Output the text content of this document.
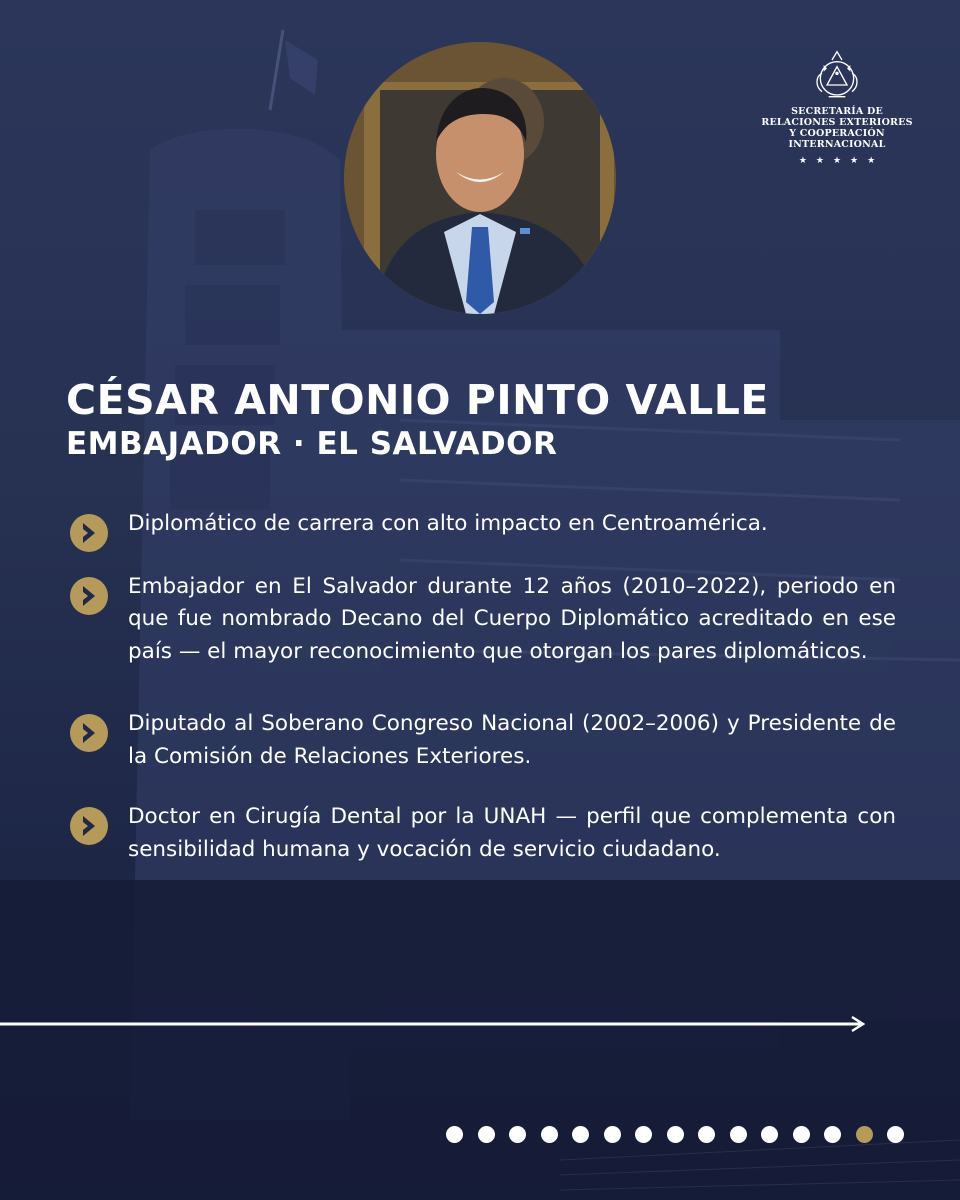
SECRETARÍA DE
RELACIONES EXTERIORES
Y COOPERACIÓN INTERNACIONAL
★★★★★
CÉSAR ANTONIO PINTO VALLE
EMBAJADOR · EL SALVADOR
Diplomático de carrera con alto impacto en Centroamérica.
Embajador en El Salvador durante 12 años (2010–2022), periodo en que fue nombrado Decano del Cuerpo Diplomático acreditado en ese país — el mayor reconocimiento que otorgan los pares diplomáticos.
Diputado al Soberano Congreso Nacional (2002–2006) y Presidente de la Comisión de Relaciones Exteriores.
Doctor en Cirugía Dental por la UNAH — perfil que complementa con sensibilidad humana y vocación de servicio ciudadano.
